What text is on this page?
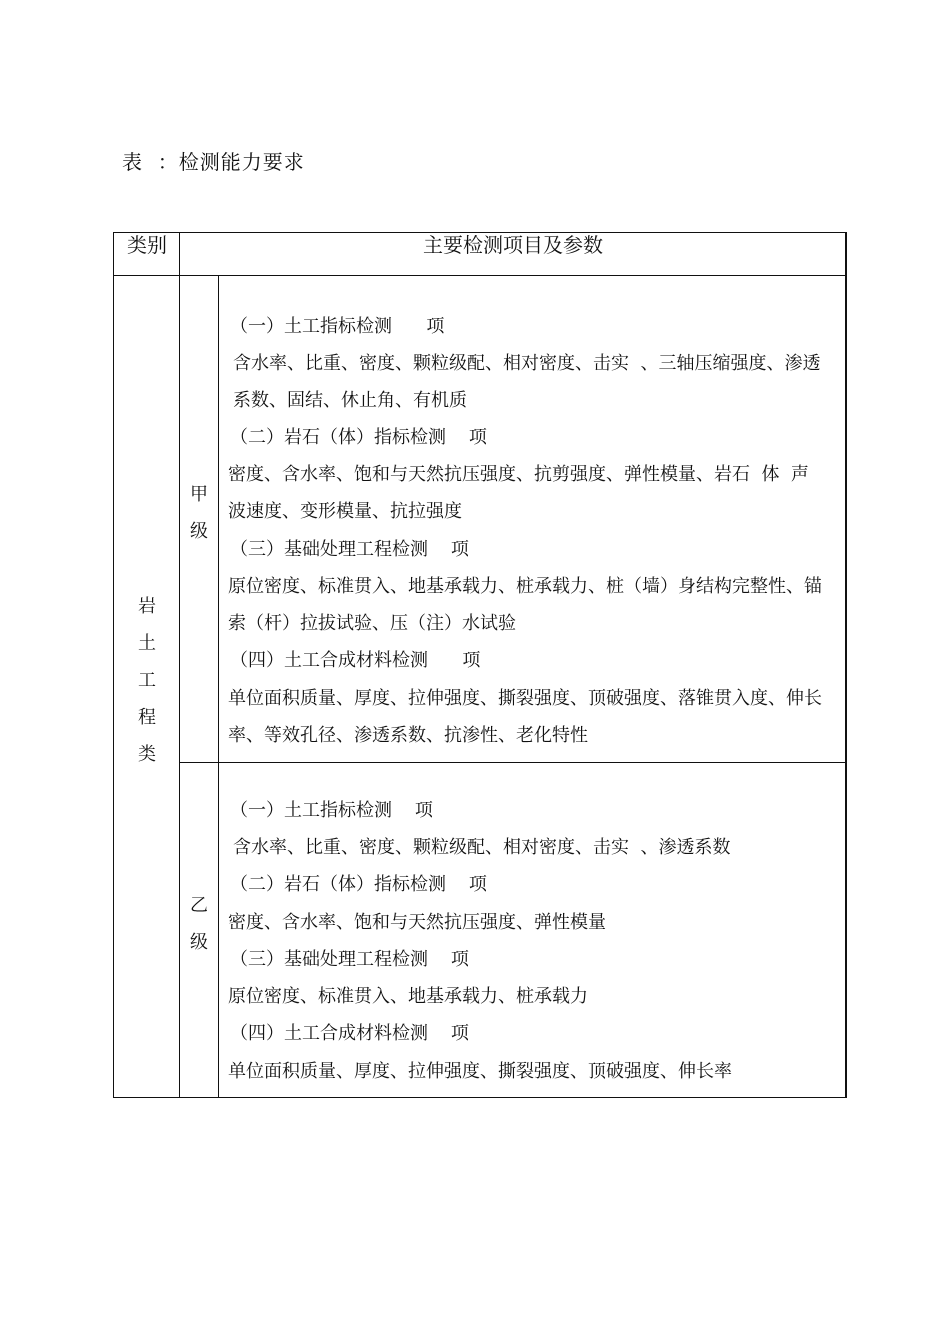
表  ：检测能力要求
类别	主要检测项目及参数
岩
土
工
程
类
甲
级
乙
级
（一）土工指标检测      项
含水率、比重、密度、颗粒级配、相对密度、击实  、三轴压缩强度、渗透
系数、固结、休止角、有机质
（二）岩石（体）指标检测    项
密度、含水率、饱和与天然抗压强度、抗剪强度、弹性模量、岩石  体  声
波速度、变形模量、抗拉强度
（三）基础处理工程检测    项
原位密度、标准贯入、地基承载力、桩承载力、桩（墙）身结构完整性、锚
索（杆）拉拔试验、压（注）水试验
（四）土工合成材料检测      项
单位面积质量、厚度、拉伸强度、撕裂强度、顶破强度、落锥贯入度、伸长
率、等效孔径、渗透系数、抗渗性、老化特性
（一）土工指标检测    项
含水率、比重、密度、颗粒级配、相对密度、击实  、渗透系数
（二）岩石（体）指标检测    项
密度、含水率、饱和与天然抗压强度、弹性模量
（三）基础处理工程检测    项
原位密度、标准贯入、地基承载力、桩承载力
（四）土工合成材料检测    项
单位面积质量、厚度、拉伸强度、撕裂强度、顶破强度、伸长率
